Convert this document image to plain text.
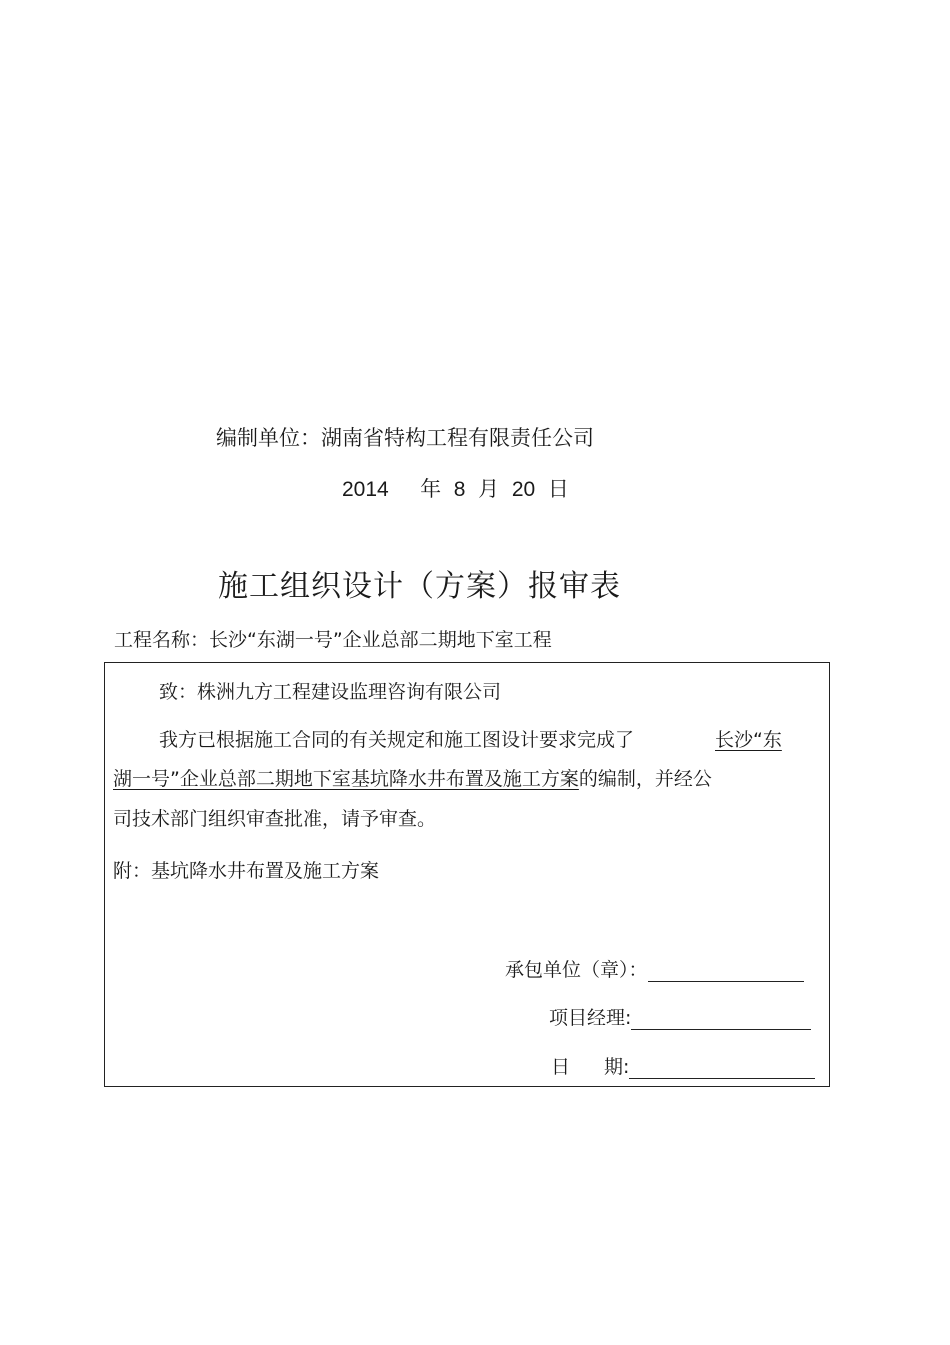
编制单位：湖南省特构工程有限责任公司
2014 年 8 月 20 日
施工组织设计（方案）报审表
工程名称：长沙“东湖一号”企业总部二期地下室工程
致：株洲九方工程建设监理咨询有限公司
我方已根据施工合同的有关规定和施工图设计要求完成了	长沙“东
湖一号”企业总部二期地下室基坑降水井布置及施工方案的编制，并经公
司技术部门组织审查批准，请予审查。
附：基坑降水井布置及施工方案
承包单位（章）：
项目经理:
日 期:
